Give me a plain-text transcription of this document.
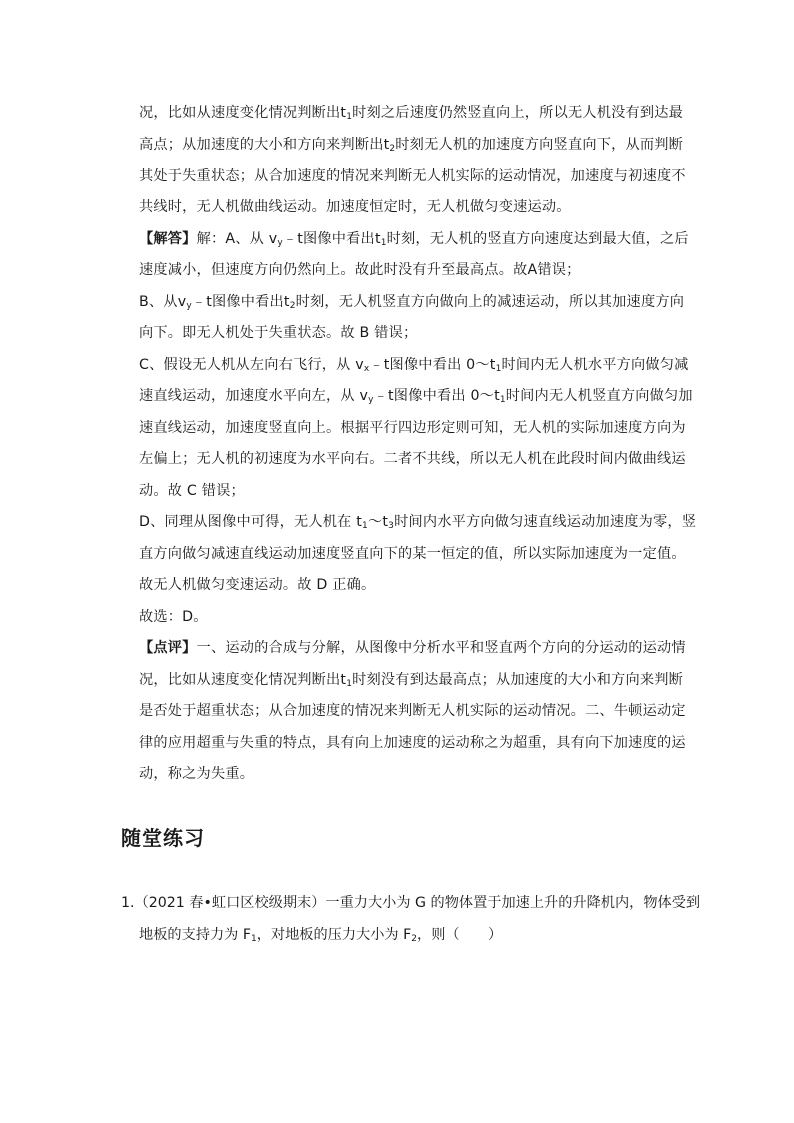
况，比如从速度变化情况判断出$t_1$时刻之后速度仍然竖直向上，所以无人机没有到达最
高点；从加速度的大小和方向来判断出$t_2$时刻无人机的加速度方向竖直向下，从而判断
其处于失重状态；从合加速度的情况来判断无人机实际的运动情况，加速度与初速度不
共线时，无人机做曲线运动。加速度恒定时，无人机做匀变速运动。
【解答】解：A、从 $v_y﹣t$图像中看出$t_1$时刻，无人机的竖直方向速度达到最大值，之后
速度减小，但速度方向仍然向上。故此时没有升至最高点。故A错误；
B、从$v_y﹣t$图像中看出$t_2$时刻，无人机竖直方向做向上的减速运动，所以其加速度方向
向下。即无人机处于失重状态。故 B 错误；
C、假设无人机从左向右飞行，从 $v_x﹣t$图像中看出 $0\sim t_1$时间内无人机水平方向做匀减
速直线运动，加速度水平向左，从 $v_y﹣t$图像中看出 $0\sim t_1$时间内无人机竖直方向做匀加
速直线运动，加速度竖直向上。根据平行四边形定则可知，无人机的实际加速度方向为
左偏上；无人机的初速度为水平向右。二者不共线，所以无人机在此段时间内做曲线运
动。故 C 错误；
D、同理从图像中可得，无人机在 $t_1\sim t_3$时间内水平方向做匀速直线运动加速度为零，竖
直方向做匀减速直线运动加速度竖直向下的某一恒定的值，所以实际加速度为一定值。
故无人机做匀变速运动。故 D 正确。
故选：D。
【点评】一、运动的合成与分解，从图像中分析水平和竖直两个方向的分运动的运动情
况，比如从速度变化情况判断出$t_1$时刻没有到达最高点；从加速度的大小和方向来判断
是否处于超重状态；从合加速度的情况来判断无人机实际的运动情况。二、牛顿运动定
律的应用超重与失重的特点，具有向上加速度的运动称之为超重，具有向下加速度的运
动，称之为失重。
随堂练习
1.（2021 春•虹口区校级期末）一重力大小为 G 的物体置于加速上升的升降机内，物体受到
地板的支持力为 $F_1$，对地板的压力大小为 $F_2$，则（　　）
